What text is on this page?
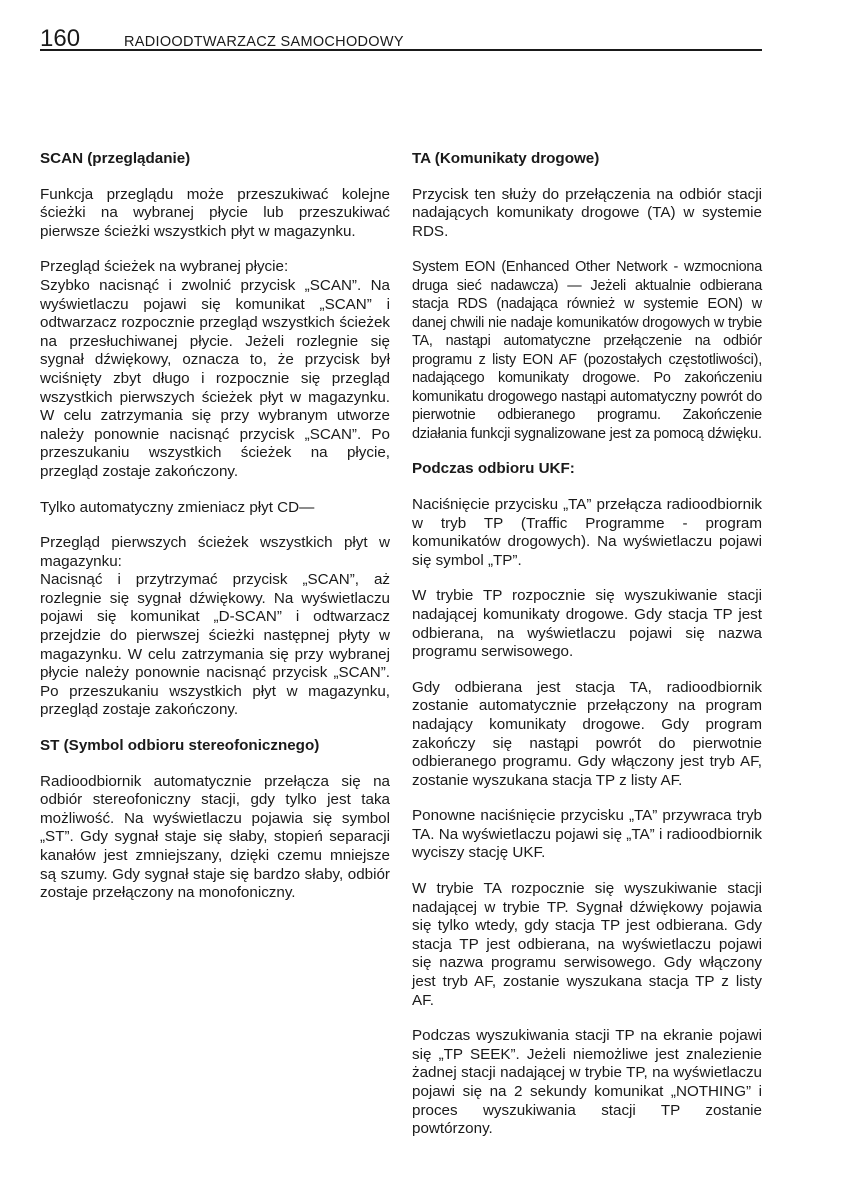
160	RADIOODTWARZACZ SAMOCHODOWY
SCAN (przeglądanie)

Funkcja przeglądu może przeszukiwać kolejne ścieżki na wybranej płycie lub przeszukiwać pierwsze ścieżki wszystkich płyt w magazynku.

Przegląd ścieżek na wybranej płycie:
Szybko nacisnąć i zwolnić przycisk „SCAN”. Na wyświetlaczu pojawi się komunikat „SCAN” i odtwarzacz rozpocznie przegląd wszystkich ścieżek na przesłuchiwanej płycie. Jeżeli rozlegnie się sygnał dźwiękowy, oznacza to, że przycisk był wciśnięty zbyt długo i rozpocznie się przegląd wszystkich pierwszych ścieżek płyt w magazynku. W celu zatrzymania się przy wybranym utworze należy ponownie nacisnąć przycisk „SCAN”. Po przeszukaniu wszystkich ścieżek na płycie, przegląd zostaje zakończony.

Tylko automatyczny zmieniacz płyt CD—

Przegląd pierwszych ścieżek wszystkich płyt w magazynku:
Nacisnąć i przytrzymać przycisk „SCAN”, aż rozlegnie się sygnał dźwiękowy. Na wyświetlaczu pojawi się komunikat „D-SCAN” i odtwarzacz przejdzie do pierwszej ścieżki następnej płyty w magazynku. W celu zatrzymania się przy wybranej płycie należy ponownie nacisnąć przycisk „SCAN”. Po przeszukaniu wszystkich płyt w magazynku, przegląd zostaje zakończony.

ST (Symbol odbioru stereofonicznego)

Radioodbiornik automatycznie przełącza się na odbiór stereofoniczny stacji, gdy tylko jest taka możliwość. Na wyświetlaczu pojawia się symbol „ST”. Gdy sygnał staje się słaby, stopień separacji kanałów jest zmniejszany, dzięki czemu mniejsze są szumy. Gdy sygnał staje się bardzo słaby, odbiór zostaje przełączony na monofoniczny.

TA (Komunikaty drogowe)

Przycisk ten służy do przełączenia na odbiór stacji nadających komunikaty drogowe (TA) w systemie RDS.

System EON (Enhanced Other Network - wzmocniona druga sieć nadawcza) — Jeżeli aktualnie odbierana stacja RDS (nadająca również w systemie EON) w danej chwili nie nadaje komunikatów drogowych w trybie TA, nastąpi automatyczne przełączenie na odbiór programu z listy EON AF (pozostałych częstotliwości), nadającego komunikaty drogowe. Po zakończeniu komunikatu drogowego nastąpi automatyczny powrót do pierwotnie odbieranego programu. Zakończenie działania funkcji sygnalizowane jest za pomocą dźwięku.

Podczas odbioru UKF:

Naciśnięcie przycisku „TA” przełącza radioodbiornik w tryb TP (Traffic Programme - program komunikatów drogowych). Na wyświetlaczu pojawi się symbol „TP”.

W trybie TP rozpocznie się wyszukiwanie stacji nadającej komunikaty drogowe. Gdy stacja TP jest odbierana, na wyświetlaczu pojawi się nazwa programu serwisowego.

Gdy odbierana jest stacja TA, radioodbiornik zostanie automatycznie przełączony na program nadający komunikaty drogowe. Gdy program zakończy się nastąpi powrót do pierwotnie odbieranego programu. Gdy włączony jest tryb AF, zostanie wyszukana stacja TP z listy AF.

Ponowne naciśnięcie przycisku „TA” przywraca tryb TA. Na wyświetlaczu pojawi się „TA” i radioodbiornik wyciszy stację UKF.

W trybie TA rozpocznie się wyszukiwanie stacji nadającej w trybie TP. Sygnał dźwiękowy pojawia się tylko wtedy, gdy stacja TP jest odbierana. Gdy stacja TP jest odbierana, na wyświetlaczu pojawi się nazwa programu serwisowego. Gdy włączony jest tryb AF, zostanie wyszukana stacja TP z listy AF.

Podczas wyszukiwania stacji TP na ekranie pojawi się „TP SEEK”. Jeżeli niemożliwe jest znalezienie żadnej stacji nadającej w trybie TP, na wyświetlaczu pojawi się na 2 sekundy komunikat „NOTHING” i proces wyszukiwania stacji TP zostanie powtórzony.
